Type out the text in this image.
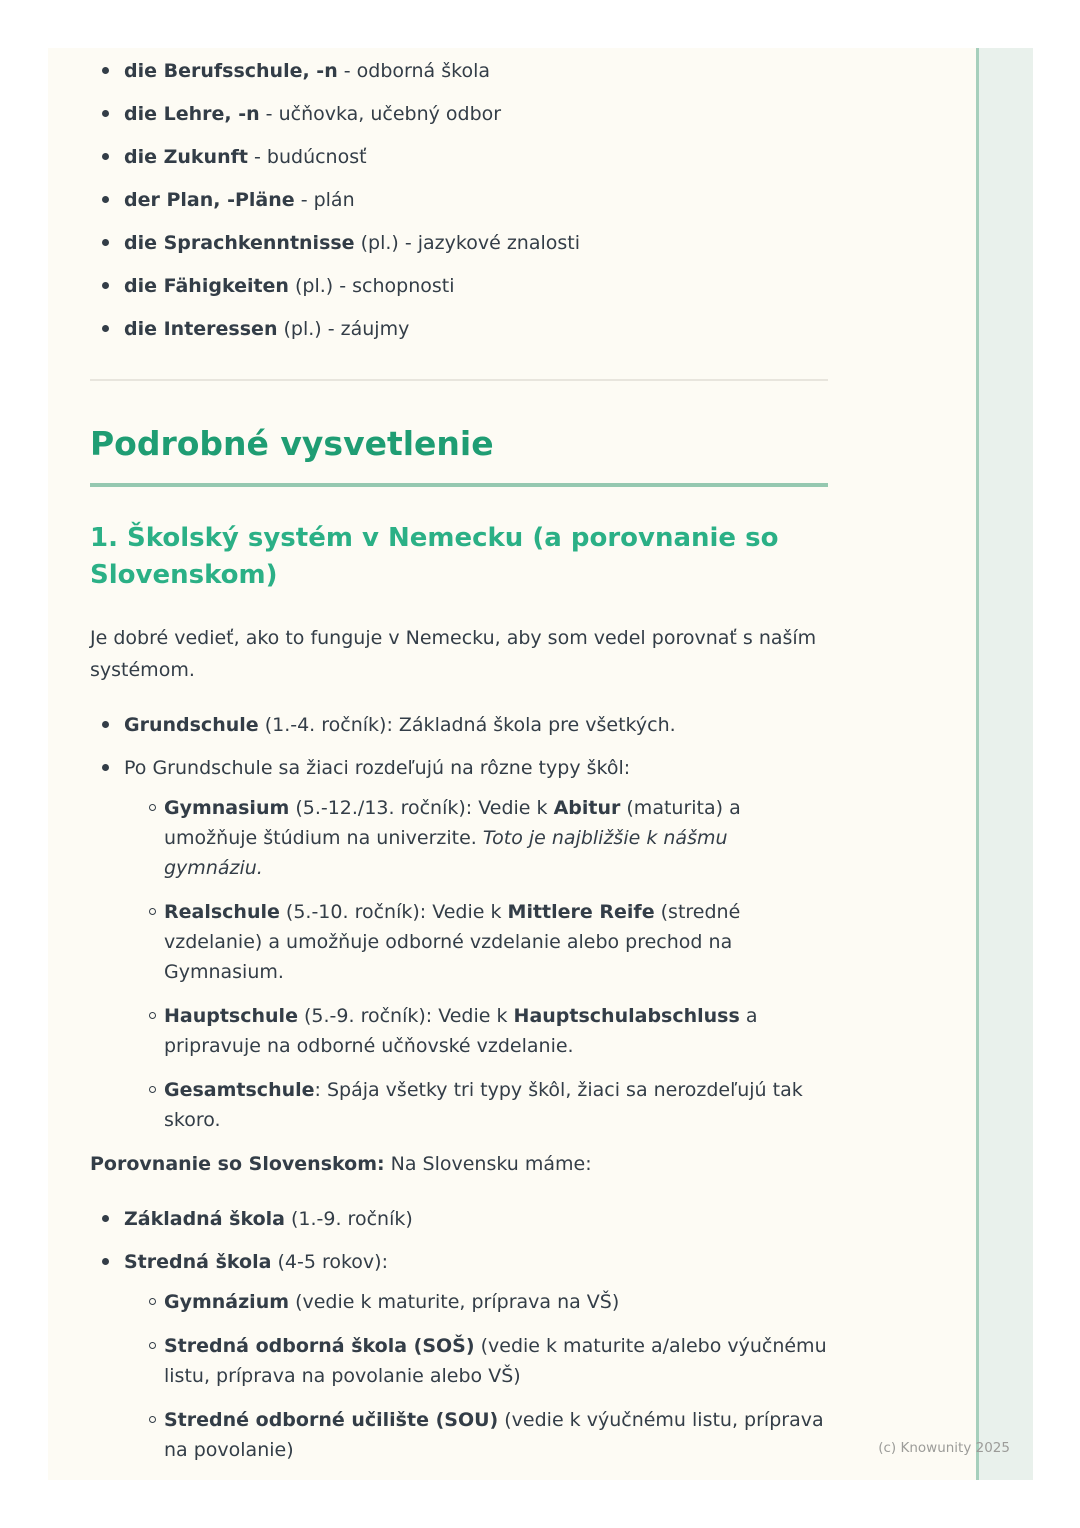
die Berufsschule, -n - odborná škola
die Lehre, -n - učňovka, učebný odbor
die Zukunft - budúcnosť
der Plan, -Pläne - plán
die Sprachkenntnisse (pl.) - jazykové znalosti
die Fähigkeiten (pl.) - schopnosti
die Interessen (pl.) - záujmy
Podrobné vysvetlenie
1. Školský systém v Nemecku (a porovnanie so Slovenskom)

Je dobré vedieť, ako to funguje v Nemecku, aby som vedel porovnať s naším systémom.

Grundschule (1.-4. ročník): Základná škola pre všetkých.
Po Grundschule sa žiaci rozdeľujú na rôzne typy škôl:
Gymnasium (5.-12./13. ročník): Vedie k Abitur (maturita) a umožňuje štúdium na univerzite. Toto je najbližšie k nášmu gymnáziu.
Realschule (5.-10. ročník): Vedie k Mittlere Reife (stredné vzdelanie) a umožňuje odborné vzdelanie alebo prechod na Gymnasium.
Hauptschule (5.-9. ročník): Vedie k Hauptschulabschluss a pripravuje na odborné učňovské vzdelanie.
Gesamtschule: Spája všetky tri typy škôl, žiaci sa nerozdeľujú tak skoro.

Porovnanie so Slovenskom: Na Slovensku máme:

Základná škola (1.-9. ročník)
Stredná škola (4-5 rokov):
Gymnázium (vedie k maturite, príprava na VŠ)
Stredná odborná škola (SOŠ) (vedie k maturite a/alebo výučnému listu, príprava na povolanie alebo VŠ)
Stredné odborné učilište (SOU) (vedie k výučnému listu, príprava na povolanie)	(c) Knowunity 2025
